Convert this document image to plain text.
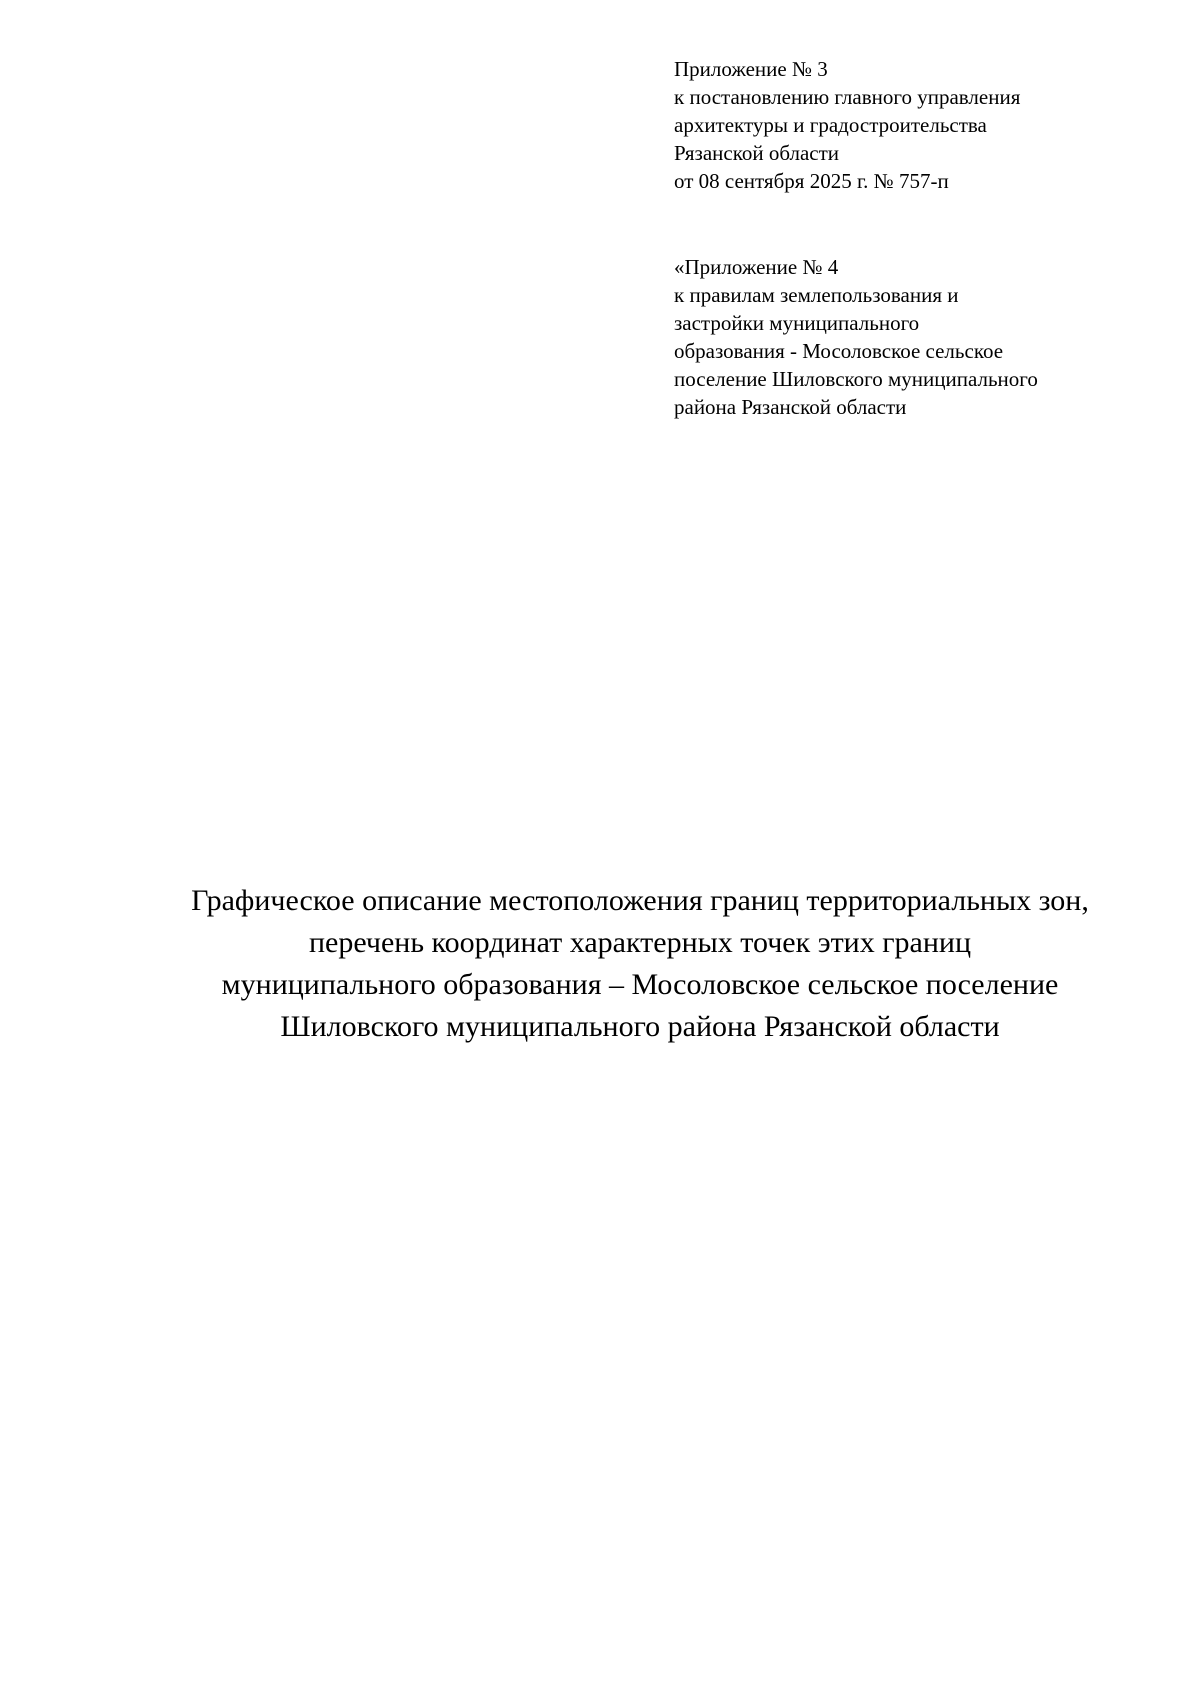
Приложение № 3
к постановлению главного управления
архитектуры и градостроительства
Рязанской области
от 08 сентября 2025 г. № 757-п
«Приложение № 4
к правилам землепользования и
застройки муниципального
образования - Мосоловское сельское
поселение Шиловского муниципального
района Рязанской области
Графическое описание местоположения границ территориальных зон,
перечень координат характерных точек этих границ
муниципального образования – Мосоловское сельское поселение
Шиловского муниципального района Рязанской области
